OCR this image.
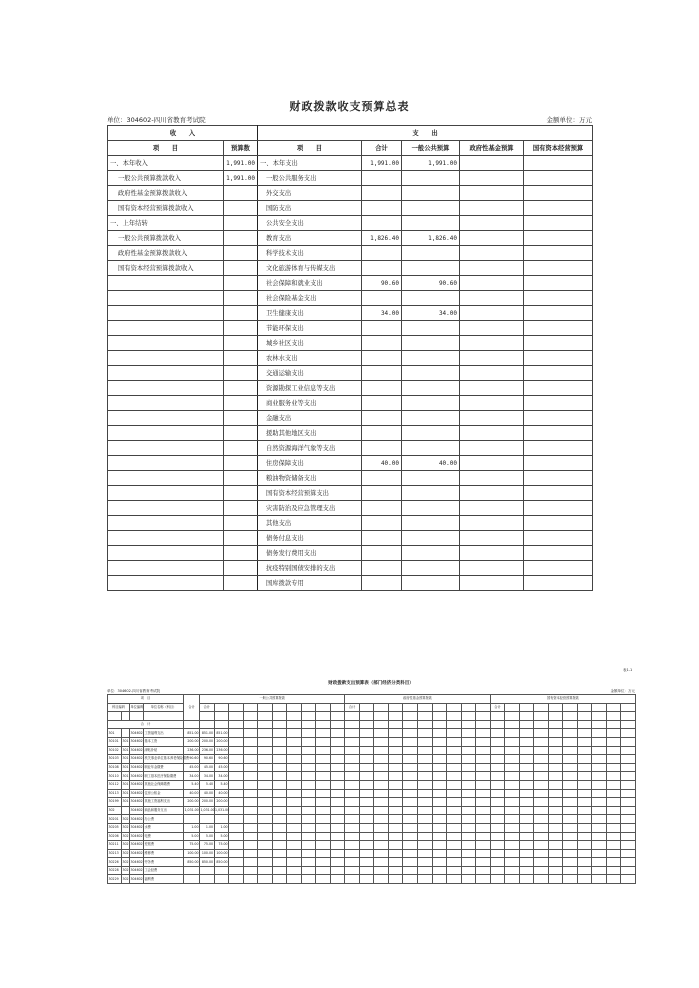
财政拨款收支预算总表
单位：304602-四川省教育考试院	金额单位：万元
收　　入		支　　出				
项　　目	预算数	项　　目	合计	一般公共预算	政府性基金预算	国有资本经营预算
一、本年收入	1,991.00	一、本年支出	1,991.00	1,991.00		
一般公共预算拨款收入	1,991.00	一般公共服务支出				
政府性基金预算拨款收入		外交支出				
国有资本经营预算拨款收入		国防支出				
一、上年结转		公共安全支出				
一般公共预算拨款收入		教育支出	1,826.40	1,826.40		
政府性基金预算拨款收入		科学技术支出				
国有资本经营预算拨款收入		文化旅游体育与传媒支出				
		社会保障和就业支出	90.60	90.60		
		社会保险基金支出				
		卫生健康支出	34.00	34.00		
		节能环保支出				
		城乡社区支出				
		农林水支出				
		交通运输支出				
		资源勘探工业信息等支出				
		商业服务业等支出				
		金融支出				
		援助其他地区支出				
		自然资源海洋气象等支出				
		住房保障支出	40.00	40.00		
		粮油物资储备支出				
		国有资本经营预算支出				
		灾害防治及应急管理支出				
		其他支出				
		债务付息支出				
		债务发行费用支出				
		抗疫特别国债安排的支出				
		国库拨款专用				
表1-1
财政拨款支出预算表（部门经济分类科目）
单位：304602-四川省教育考试院	金额单位：万元
项　目				合计	一般公共预算拨款										政府性基金预算拨款										国有资本经营预算拨款									
科目编码		单位编码	单位名称（科目）		合计										合计										合计									

合　计																																		
301		304602	工资福利支出	851.00	851.00	851.00																												
30101	301	304602	基本工资	200.00	200.00	200.00																												
30102	301	304602	津贴补贴	236.00	236.00	236.00																												
30103	301	304602	机关事业单位基本养老保险缴费	90.60	90.60	90.60																												
30108	301	304602	职业年金缴费	45.00	45.00	45.00																												
30110	301	304602	职工基本医疗保险缴费	34.00	34.00	34.00																												
30112	301	304602	其他社会保障缴费	5.40	5.40	5.40																												
30113	301	304602	住房公积金	40.00	40.00	40.00																												
30199	301	304602	其他工资福利支出	200.00	200.00	200.00																												
302		304602	商品和服务支出	1,031.00	1,031.00	1,031.00																												
30201	302	304602	办公费																															
30205	302	304602	水费	1.00	1.00	1.00																												
30206	302	304602	电费	5.00	5.00	5.00																												
30211	302	304602	差旅费	75.00	75.00	75.00																												
30213	302	304602	维修费	100.00	100.00	100.00																												
30226	302	304602	劳务费	850.00	850.00	850.00																												
30228	302	304602	工会经费																															
30229	302	304602	福利费																															
